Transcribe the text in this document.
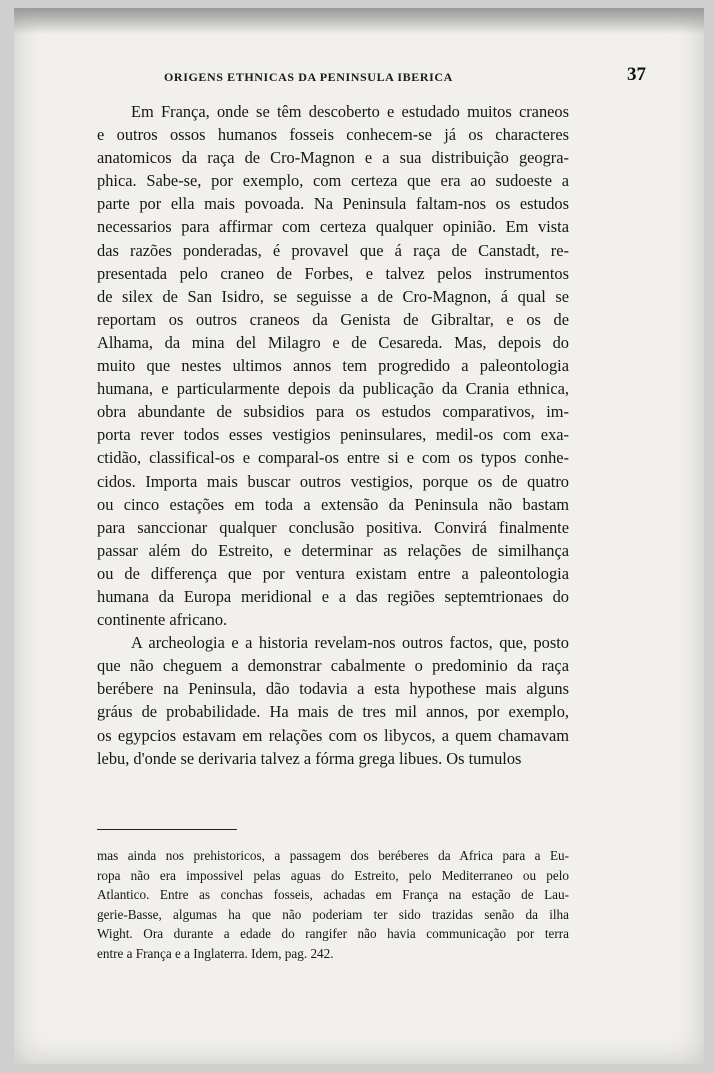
ORIGENS ETHNICAS DA PENINSULA IBERICA	37

Em França, onde se têm descoberto e estudado muitos craneos
e outros ossos humanos fosseis conhecem-se já os characteres
anatomicos da raça de Cro-Magnon e a sua distribuição geogra-
phica. Sabe-se, por exemplo, com certeza que era ao sudoeste a
parte por ella mais povoada. Na Peninsula faltam-nos os estudos
necessarios para affirmar com certeza qualquer opinião. Em vista
das razões ponderadas, é provavel que á raça de Canstadt, re-
presentada pelo craneo de Forbes, e talvez pelos instrumentos
de silex de San Isidro, se seguisse a de Cro-Magnon, á qual se
reportam os outros craneos da Genista de Gibraltar, e os de
Alhama, da mina del Milagro e de Cesareda. Mas, depois do
muito que nestes ultimos annos tem progredido a paleontologia
humana, e particularmente depois da publicação da Crania ethnica,
obra abundante de subsidios para os estudos comparativos, im-
porta rever todos esses vestigios peninsulares, medil-os com exa-
ctidão, classifical-os e comparal-os entre si e com os typos conhe-
cidos. Importa mais buscar outros vestigios, porque os de quatro
ou cinco estações em toda a extensão da Peninsula não bastam
para sanccionar qualquer conclusão positiva. Convirá finalmente
passar além do Estreito, e determinar as relações de similhança
ou de differença que por ventura existam entre a paleontologia
humana da Europa meridional e a das regiões septemtrionaes do
continente africano.

A archeologia e a historia revelam-nos outros factos, que, posto
que não cheguem a demonstrar cabalmente o predominio da raça
berébere na Peninsula, dão todavia a esta hypothese mais alguns
gráus de probabilidade. Ha mais de tres mil annos, por exemplo,
os egypcios estavam em relações com os libycos, a quem chamavam
lebu, d'onde se derivaria talvez a fórma grega libues. Os tumulos

mas ainda nos prehistoricos, a passagem dos beréberes da Africa para a Eu-
ropa não era impossivel pelas aguas do Estreito, pelo Mediterraneo ou pelo
Atlantico. Entre as conchas fosseis, achadas em França na estação de Lau-
gerie-Basse, algumas ha que não poderiam ter sido trazidas senão da ilha
Wight. Ora durante a edade do rangifer não havia communicação por terra
entre a França e a Inglaterra. Idem, pag. 242.
